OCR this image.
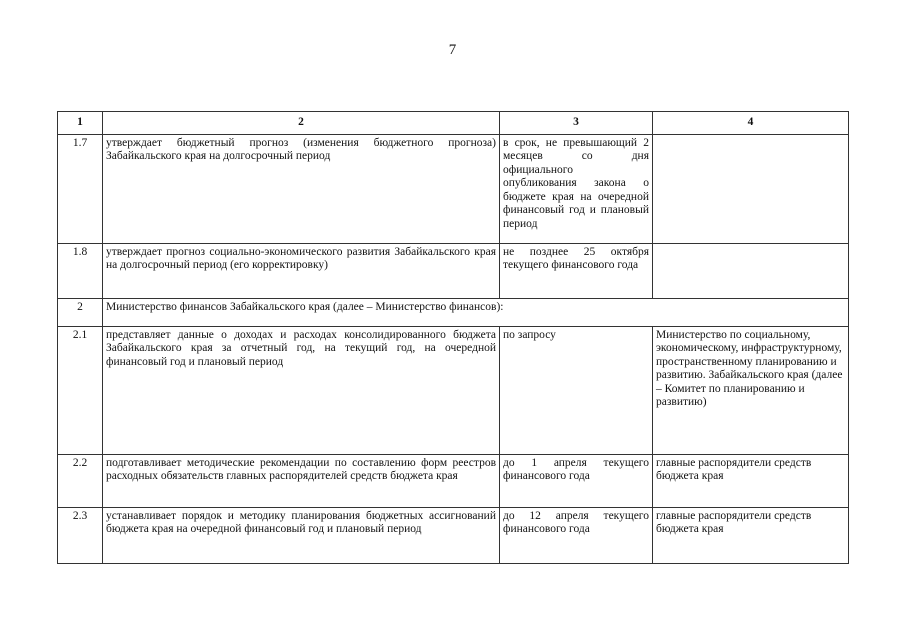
7
1	2	3	4
1.7	утверждает бюджетный прогноз (изменения бюджетного прогноза) Забайкальского края на долгосрочный период	в срок, не превышающий 2 месяцев со дня официального опубликования закона о бюджете края на очередной финансовый год и плановый период	
1.8	утверждает прогноз социально-экономического развития Забайкальского края на долгосрочный период (его корректировку)	не позднее 25 октября текущего финансового года	
2	Министерство финансов Забайкальского края (далее – Министерство финансов):		
2.1	представляет данные о доходах и расходах консолидированного бюджета Забайкальского края за отчетный год, на текущий год, на очередной финансовый год и плановый период	по запросу	Министерство по социальному, экономическому, инфраструктурному, пространственному планированию и развитию. Забайкальского края (далее – Комитет по планированию и развитию)
2.2	подготавливает методические рекомендации по составлению форм реестров расходных обязательств главных распорядителей средств бюджета края	до 1 апреля текущего финансового года	главные распорядители средств бюджета края
2.3	устанавливает порядок и методику планирования бюджетных ассигнований бюджета края на очередной финансовый год и плановый период	до 12 апреля текущего финансового года	главные распорядители средств бюджета края
